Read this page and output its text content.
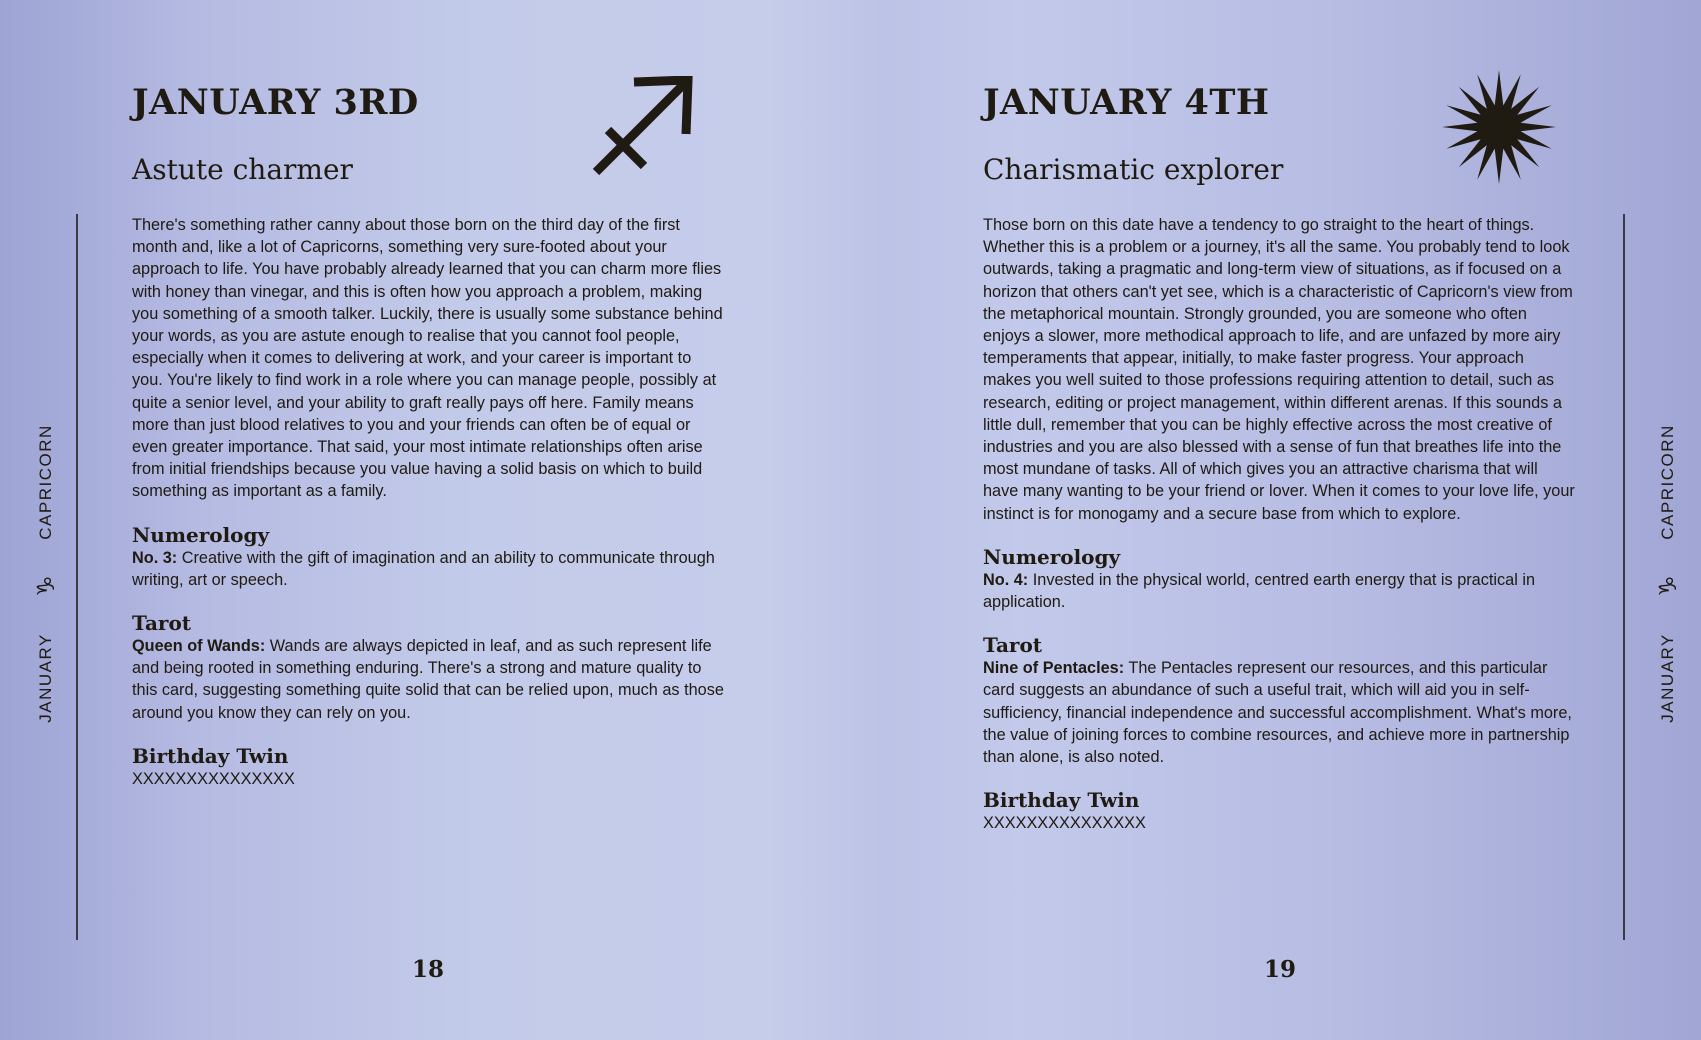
CAPRICORN
♑
JANUARY
JANUARY 3RD
Astute charmer

There's something rather canny about those born on the third day of the first month and, like a lot of Capricorns, something very sure-footed about your approach to life. You have probably already learned that you can charm more flies with honey than vinegar, and this is often how you approach a problem, making you something of a smooth talker. Luckily, there is usually some substance behind your words, as you are astute enough to realise that you cannot fool people, especially when it comes to delivering at work, and your career is important to you. You're likely to find work in a role where you can manage people, possibly at quite a senior level, and your ability to graft really pays off here. Family means more than just blood relatives to you and your friends can often be of equal or even greater importance. That said, your most intimate relationships often arise from initial friendships because you value having a solid basis on which to build something as important as a family.

Numerology
No. 3: Creative with the gift of imagination and an ability to communicate through writing, art or speech.
Tarot
Queen of Wands: Wands are always depicted in leaf, and as such represent life and being rooted in something enduring. There's a strong and mature quality to this card, suggesting something quite solid that can be relied upon, much as those around you know they can rely on you.
Birthday Twin
XXXXXXXXXXXXXXX
18
JANUARY 4TH
Charismatic explorer

Those born on this date have a tendency to go straight to the heart of things. Whether this is a problem or a journey, it's all the same. You probably tend to look outwards, taking a pragmatic and long-term view of situations, as if focused on a horizon that others can't yet see, which is a characteristic of Capricorn's view from the metaphorical mountain. Strongly grounded, you are someone who often enjoys a slower, more methodical approach to life, and are unfazed by more airy temperaments that appear, initially, to make faster progress. Your approach makes you well suited to those professions requiring attention to detail, such as research, editing or project management, within different arenas. If this sounds a little dull, remember that you can be highly effective across the most creative of industries and you are also blessed with a sense of fun that breathes life into the most mundane of tasks. All of which gives you an attractive charisma that will have many wanting to be your friend or lover. When it comes to your love life, your instinct is for monogamy and a secure base from which to explore.

Numerology
No. 4: Invested in the physical world, centred earth energy that is practical in application.
Tarot
Nine of Pentacles: The Pentacles represent our resources, and this particular card suggests an abundance of such a useful trait, which will aid you in self-sufficiency, financial independence and successful accomplishment. What's more, the value of joining forces to combine resources, and achieve more in partnership than alone, is also noted.
Birthday Twin
XXXXXXXXXXXXXXX
19
CAPRICORN
♑
JANUARY
